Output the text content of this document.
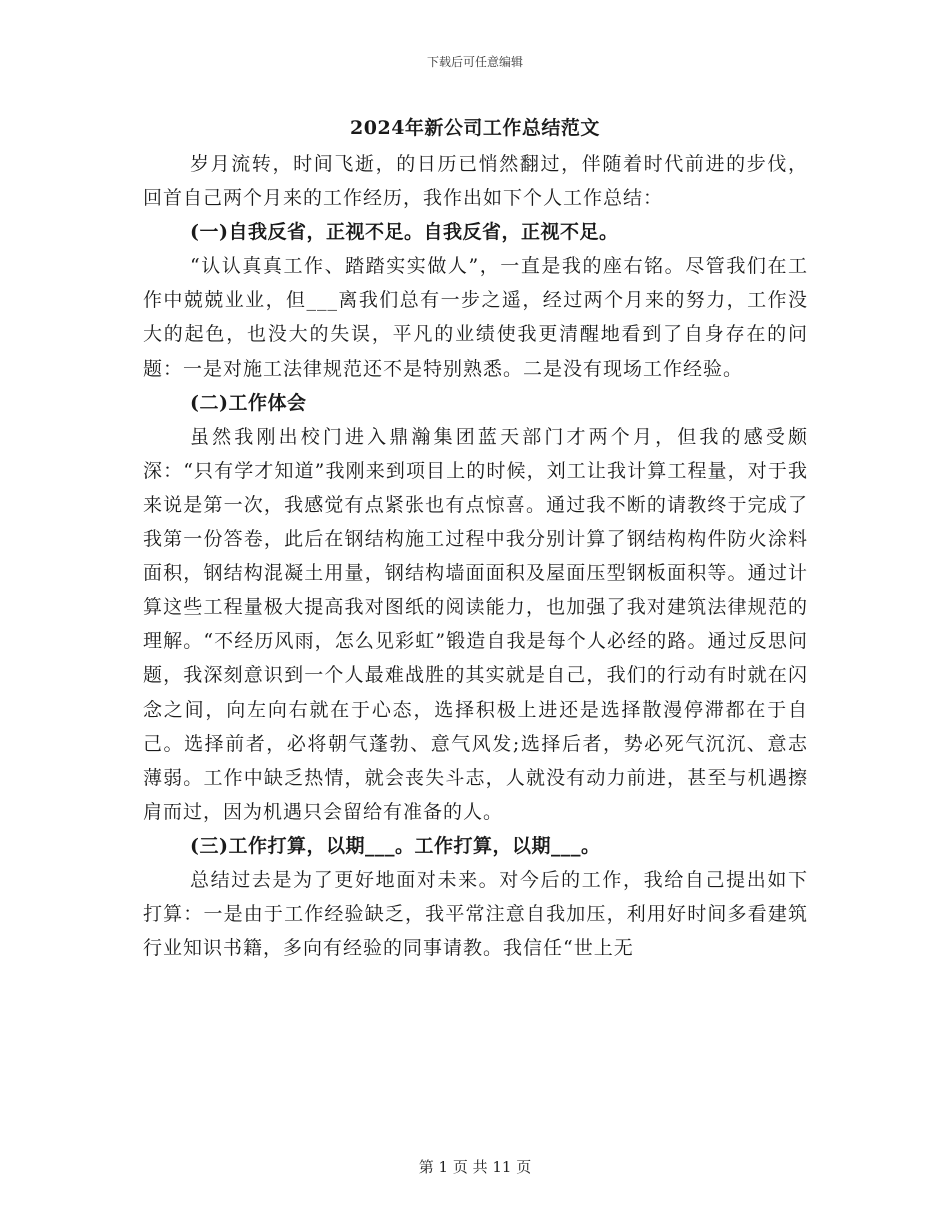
下载后可任意编辑
2024年新公司工作总结范文

岁月流转，时间飞逝，的日历已悄然翻过，伴随着时代前进的步伐，回首自己两个月来的工作经历，我作出如下个人工作总结：

(一)自我反省，正视不足。自我反省，正视不足。

“认认真真工作、踏踏实实做人”，一直是我的座右铭。尽管我们在工作中兢兢业业，但___离我们总有一步之遥，经过两个月来的努力，工作没大的起色，也没大的失误，平凡的业绩使我更清醒地看到了自身存在的问题：一是对施工法律规范还不是特别熟悉。二是没有现场工作经验。

(二)工作体会

虽然我刚出校门进入鼎瀚集团蓝天部门才两个月，但我的感受颇深：“只有学才知道”我刚来到项目上的时候，刘工让我计算工程量，对于我来说是第一次，我感觉有点紧张也有点惊喜。通过我不断的请教终于完成了我第一份答卷，此后在钢结构施工过程中我分别计算了钢结构构件防火涂料面积，钢结构混凝土用量，钢结构墙面面积及屋面压型钢板面积等。通过计算这些工程量极大提高我对图纸的阅读能力，也加强了我对建筑法律规范的理解。“不经历风雨，怎么见彩虹”锻造自我是每个人必经的路。通过反思问题，我深刻意识到一个人最难战胜的其实就是自己，我们的行动有时就在闪念之间，向左向右就在于心态，选择积极上进还是选择散漫停滞都在于自己。选择前者，必将朝气蓬勃、意气风发;选择后者，势必死气沉沉、意志薄弱。工作中缺乏热情，就会丧失斗志，人就没有动力前进，甚至与机遇擦肩而过，因为机遇只会留给有准备的人。

(三)工作打算，以期___。工作打算，以期___。

总结过去是为了更好地面对未来。对今后的工作，我给自己提出如下打算：一是由于工作经验缺乏，我平常注意自我加压，利用好时间多看建筑行业知识书籍，多向有经验的同事请教。我信任“世上无

第 1 页 共 11 页
